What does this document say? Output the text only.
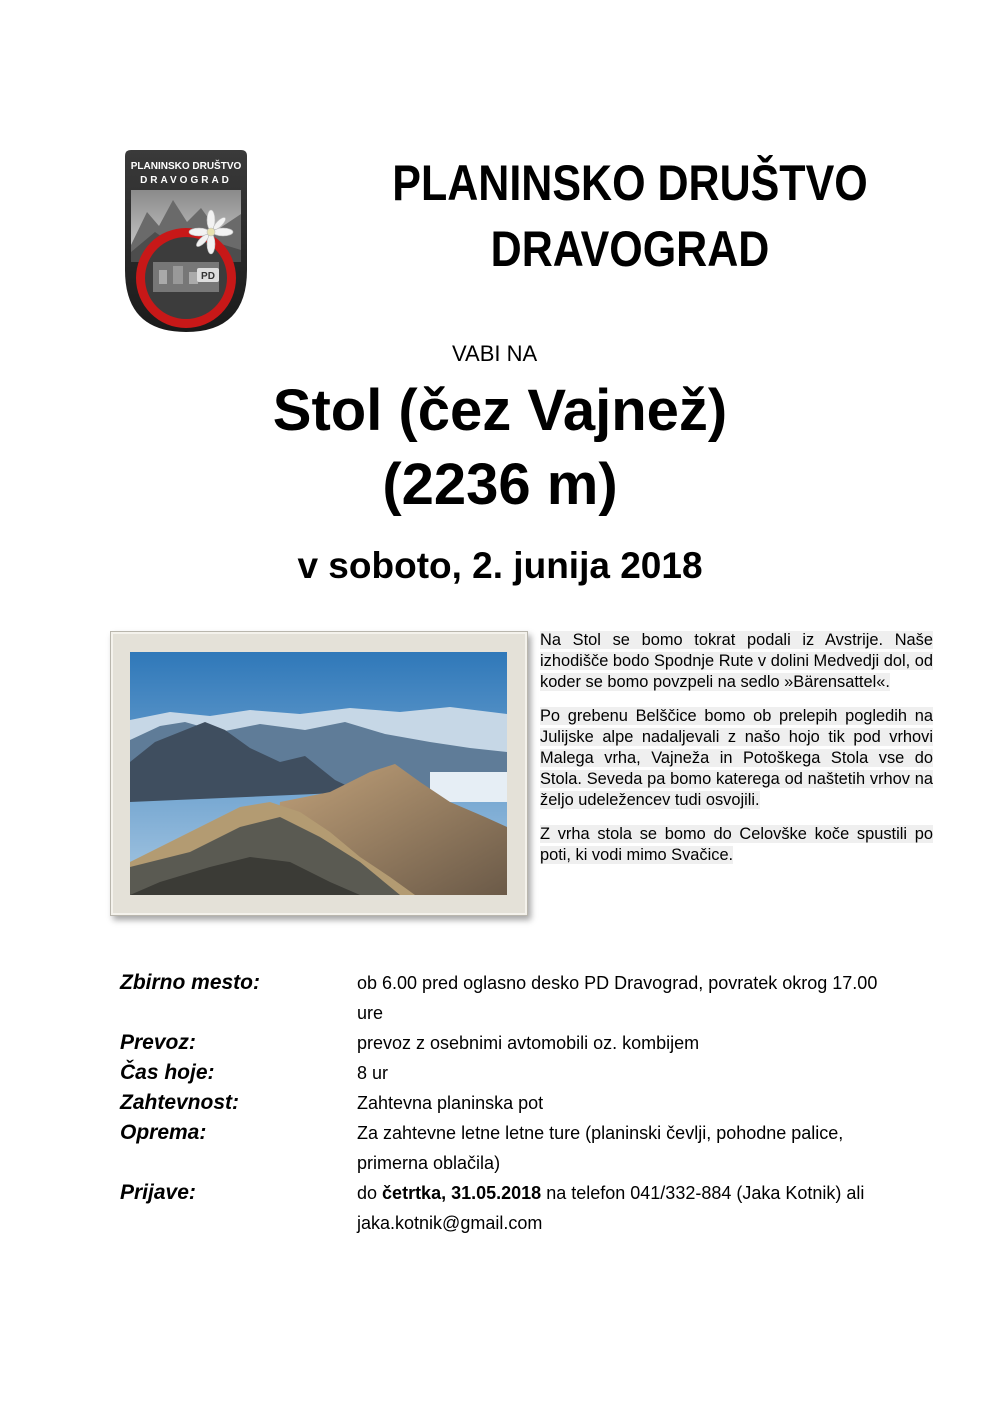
PD
PLANINSKO DRUŠTVO
DRAVOGRAD	PLANINSKO DRUŠTVO
DRAVOGRAD
VABI NA
Stol (čez Vajnež)
(2236 m)
v soboto, 2. junija 2018

Na Stol se bomo tokrat podali iz Avstrije. Naše izhodišče bodo Spodnje Rute v dolini Medvedji dol, od koder se bomo povzpeli na sedlo »Bärensattel«.

Po grebenu Belščice bomo ob prelepih pogledih na Julijske alpe nadaljevali z našo hojo tik pod vrhovi Malega vrha, Vajneža in Potoškega Stola vse do Stola. Seveda pa bomo katerega od naštetih vrhov na željo udeležencev tudi osvojili.

Z vrha stola se bomo do Celovške koče spustili po poti, ki vodi mimo Svačice.

Zbirno mesto:	ob 6.00 pred oglasno desko PD Dravograd, povratek okrog 17.00 ure
Prevoz:	prevoz z osebnimi avtomobili oz. kombijem
Čas hoje:	8 ur
Zahtevnost:	Zahtevna planinska pot
Oprema:	Za zahtevne letne letne ture (planinski čevlji, pohodne palice, primerna oblačila)
Prijave:	do četrtka, 31.05.2018 na telefon 041/332-884 (Jaka Kotnik) ali jaka.kotnik@gmail.com
